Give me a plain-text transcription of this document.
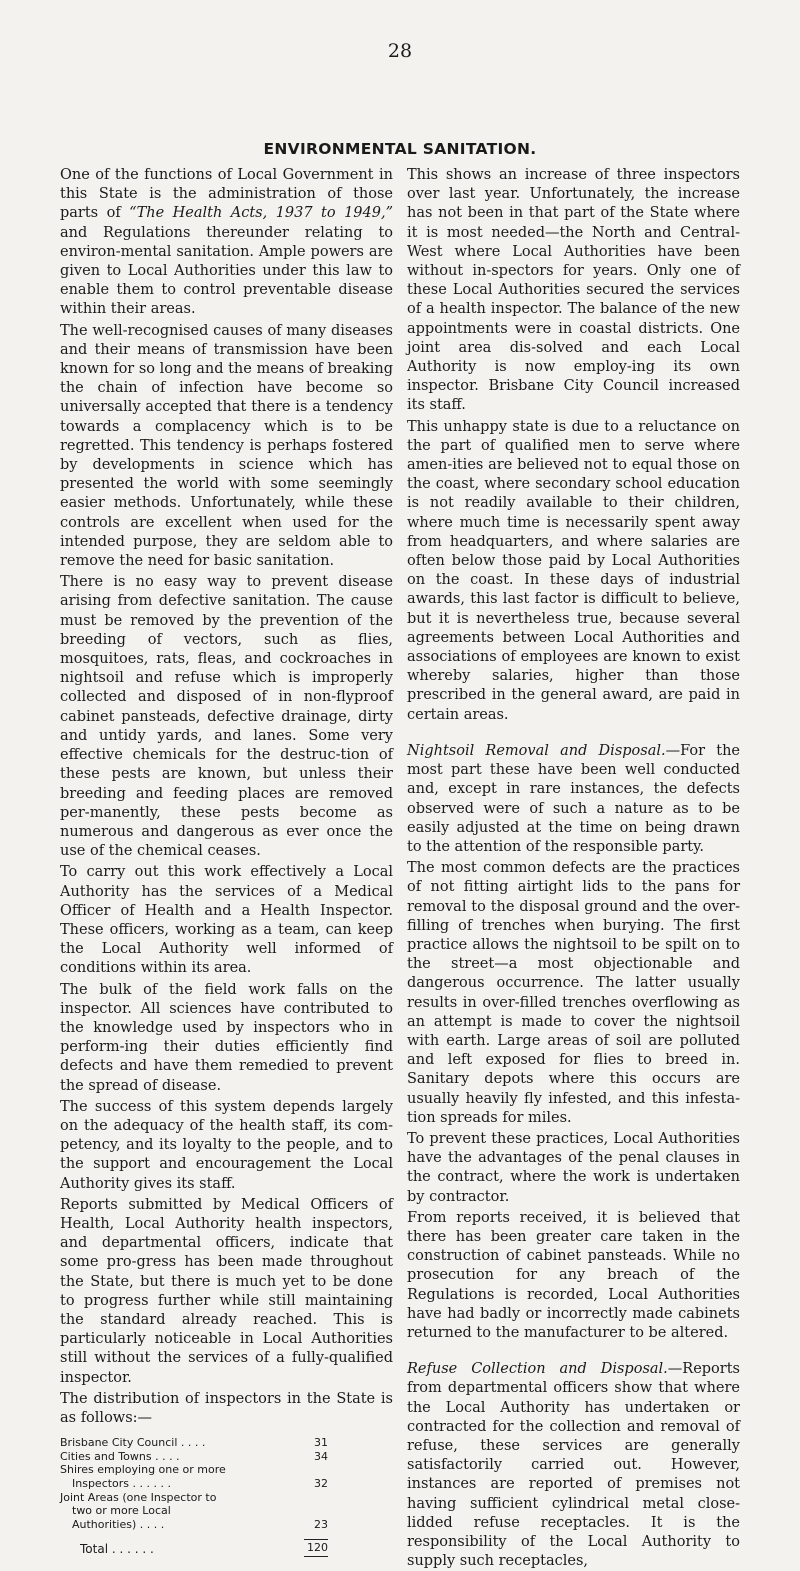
28
ENVIRONMENTAL SANITATION.

One of the functions of Local Government in this State is the administration of those parts of “The Health Acts, 1937 to 1949,” and Regulations thereunder relating to environ-mental sanitation. Ample powers are given to Local Authorities under this law to enable them to control preventable disease within their areas.

The well-recognised causes of many diseases and their means of transmission have been known for so long and the means of breaking the chain of infection have become so universally accepted that there is a tendency towards a complacency which is to be regretted. This tendency is perhaps fostered by developments in science which has presented the world with some seemingly easier methods. Unfortunately, while these controls are excellent when used for the intended purpose, they are seldom able to remove the need for basic sanitation.

There is no easy way to prevent disease arising from defective sanitation. The cause must be removed by the prevention of the breeding of vectors, such as flies, mosquitoes, rats, fleas, and cockroaches in nightsoil and refuse which is improperly collected and disposed of in non-flyproof cabinet pansteads, defective drainage, dirty and untidy yards, and lanes. Some very effective chemicals for the destruc-tion of these pests are known, but unless their breeding and feeding places are removed per-manently, these pests become as numerous and dangerous as ever once the use of the chemical ceases.

To carry out this work effectively a Local Authority has the services of a Medical Officer of Health and a Health Inspector. These officers, working as a team, can keep the Local Authority well informed of conditions within its area.

The bulk of the field work falls on the inspector. All sciences have contributed to the knowledge used by inspectors who in perform-ing their duties efficiently find defects and have them remedied to prevent the spread of disease.

The success of this system depends largely on the adequacy of the health staff, its com-petency, and its loyalty to the people, and to the support and encouragement the Local Authority gives its staff.

Reports submitted by Medical Officers of Health, Local Authority health inspectors, and departmental officers, indicate that some pro-gress has been made throughout the State, but there is much yet to be done to progress further while still maintaining the standard already reached. This is particularly noticeable in Local Authorities still without the services of a fully-qualified inspector.

The distribution of inspectors in the State is as follows:—

Brisbane City Council . . . .	31
Cities and Towns . . . .	34
Shires employing one or more
Inspectors . . . . . .	32
Joint Areas (one Inspector to
two or more Local
Authorities) . . . .	23
Total . . . . . .	120

This shows an increase of three inspectors over last year. Unfortunately, the increase has not been in that part of the State where it is most needed—the North and Central-West where Local Authorities have been without in-spectors for years. Only one of these Local Authorities secured the services of a health inspector. The balance of the new appointments were in coastal districts. One joint area dis-solved and each Local Authority is now employ-ing its own inspector. Brisbane City Council increased its staff.

This unhappy state is due to a reluctance on the part of qualified men to serve where amen-ities are believed not to equal those on the coast, where secondary school education is not readily available to their children, where much time is necessarily spent away from headquarters, and where salaries are often below those paid by Local Authorities on the coast. In these days of industrial awards, this last factor is difficult to believe, but it is nevertheless true, because several agreements between Local Authorities and associations of employees are known to exist whereby salaries, higher than those prescribed in the general award, are paid in certain areas.

Nightsoil Removal and Disposal.—For the most part these have been well conducted and, except in rare instances, the defects observed were of such a nature as to be easily adjusted at the time on being drawn to the attention of the responsible party.

The most common defects are the practices of not fitting airtight lids to the pans for removal to the disposal ground and the over-filling of trenches when burying. The first practice allows the nightsoil to be spilt on to the street—a most objectionable and dangerous occurrence. The latter usually results in over-filled trenches overflowing as an attempt is made to cover the nightsoil with earth. Large areas of soil are polluted and left exposed for flies to breed in. Sanitary depots where this occurs are usually heavily fly infested, and this infesta-tion spreads for miles.

To prevent these practices, Local Authorities have the advantages of the penal clauses in the contract, where the work is undertaken by contractor.

From reports received, it is believed that there has been greater care taken in the construction of cabinet pansteads. While no prosecution for any breach of the Regulations is recorded, Local Authorities have had badly or incorrectly made cabinets returned to the manufacturer to be altered.

Refuse Collection and Disposal.—Reports from departmental officers show that where the Local Authority has undertaken or contracted for the collection and removal of refuse, these services are generally satisfactorily carried out. However, instances are reported of premises not having sufficient cylindrical metal close-lidded refuse receptacles. It is the responsibility of the Local Authority to supply such receptacles,
